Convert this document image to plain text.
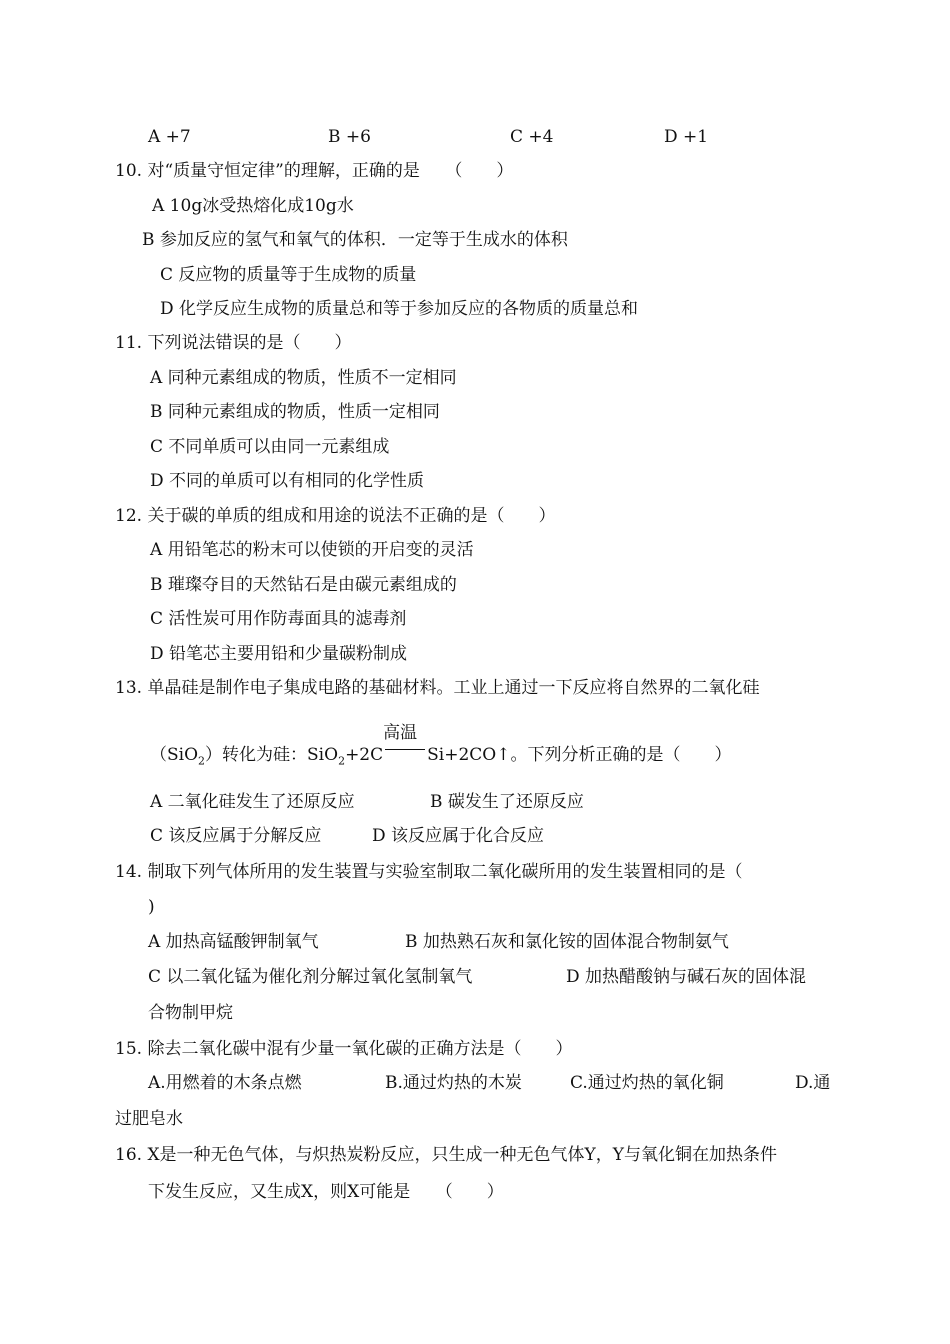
A +7	B +6	C +4	D +1
10. 对“质量守恒定律”的理解，正确的是　　（　　）
A 10g冰受热熔化成10g水
B 参加反应的氢气和氧气的体积．一定等于生成水的体积
C 反应物的质量等于生成物的质量
D 化学反应生成物的质量总和等于参加反应的各物质的质量总和
11. 下列说法错误的是（　　）
A 同种元素组成的物质，性质不一定相同
B 同种元素组成的物质，性质一定相同
C 不同单质可以由同一元素组成
D 不同的单质可以有相同的化学性质
12. 关于碳的单质的组成和用途的说法不正确的是（　　）
A 用铅笔芯的粉末可以使锁的开启变的灵活
B 璀璨夺目的天然钻石是由碳元素组成的
C 活性炭可用作防毒面具的滤毒剂
D 铅笔芯主要用铅和少量碳粉制成
13. 单晶硅是制作电子集成电路的基础材料。工业上通过一下反应将自然界的二氧化硅
（SiO$_2$）转化为硅：SiO$_2$+2C
高温
Si+2CO↑。下列分析正确的是（　　）
A 二氧化硅发生了还原反应	B 碳发生了还原反应
C 该反应属于分解反应	D 该反应属于化合反应
14. 制取下列气体所用的发生装置与实验室制取二氧化碳所用的发生装置相同的是（
)
A 加热高锰酸钾制氧气	B 加热熟石灰和氯化铵的固体混合物制氨气
C 以二氧化锰为催化剂分解过氧化氢制氧气	D 加热醋酸钠与碱石灰的固体混
合物制甲烷
15. 除去二氧化碳中混有少量一氧化碳的正确方法是（　　）
A.用燃着的木条点燃	B.通过灼热的木炭	C.通过灼热的氧化铜	D.通
过肥皂水
16. X是一种无色气体，与炽热炭粉反应，只生成一种无色气体Y，Y与氧化铜在加热条件
下发生反应，又生成X，则X可能是　　（　　）
